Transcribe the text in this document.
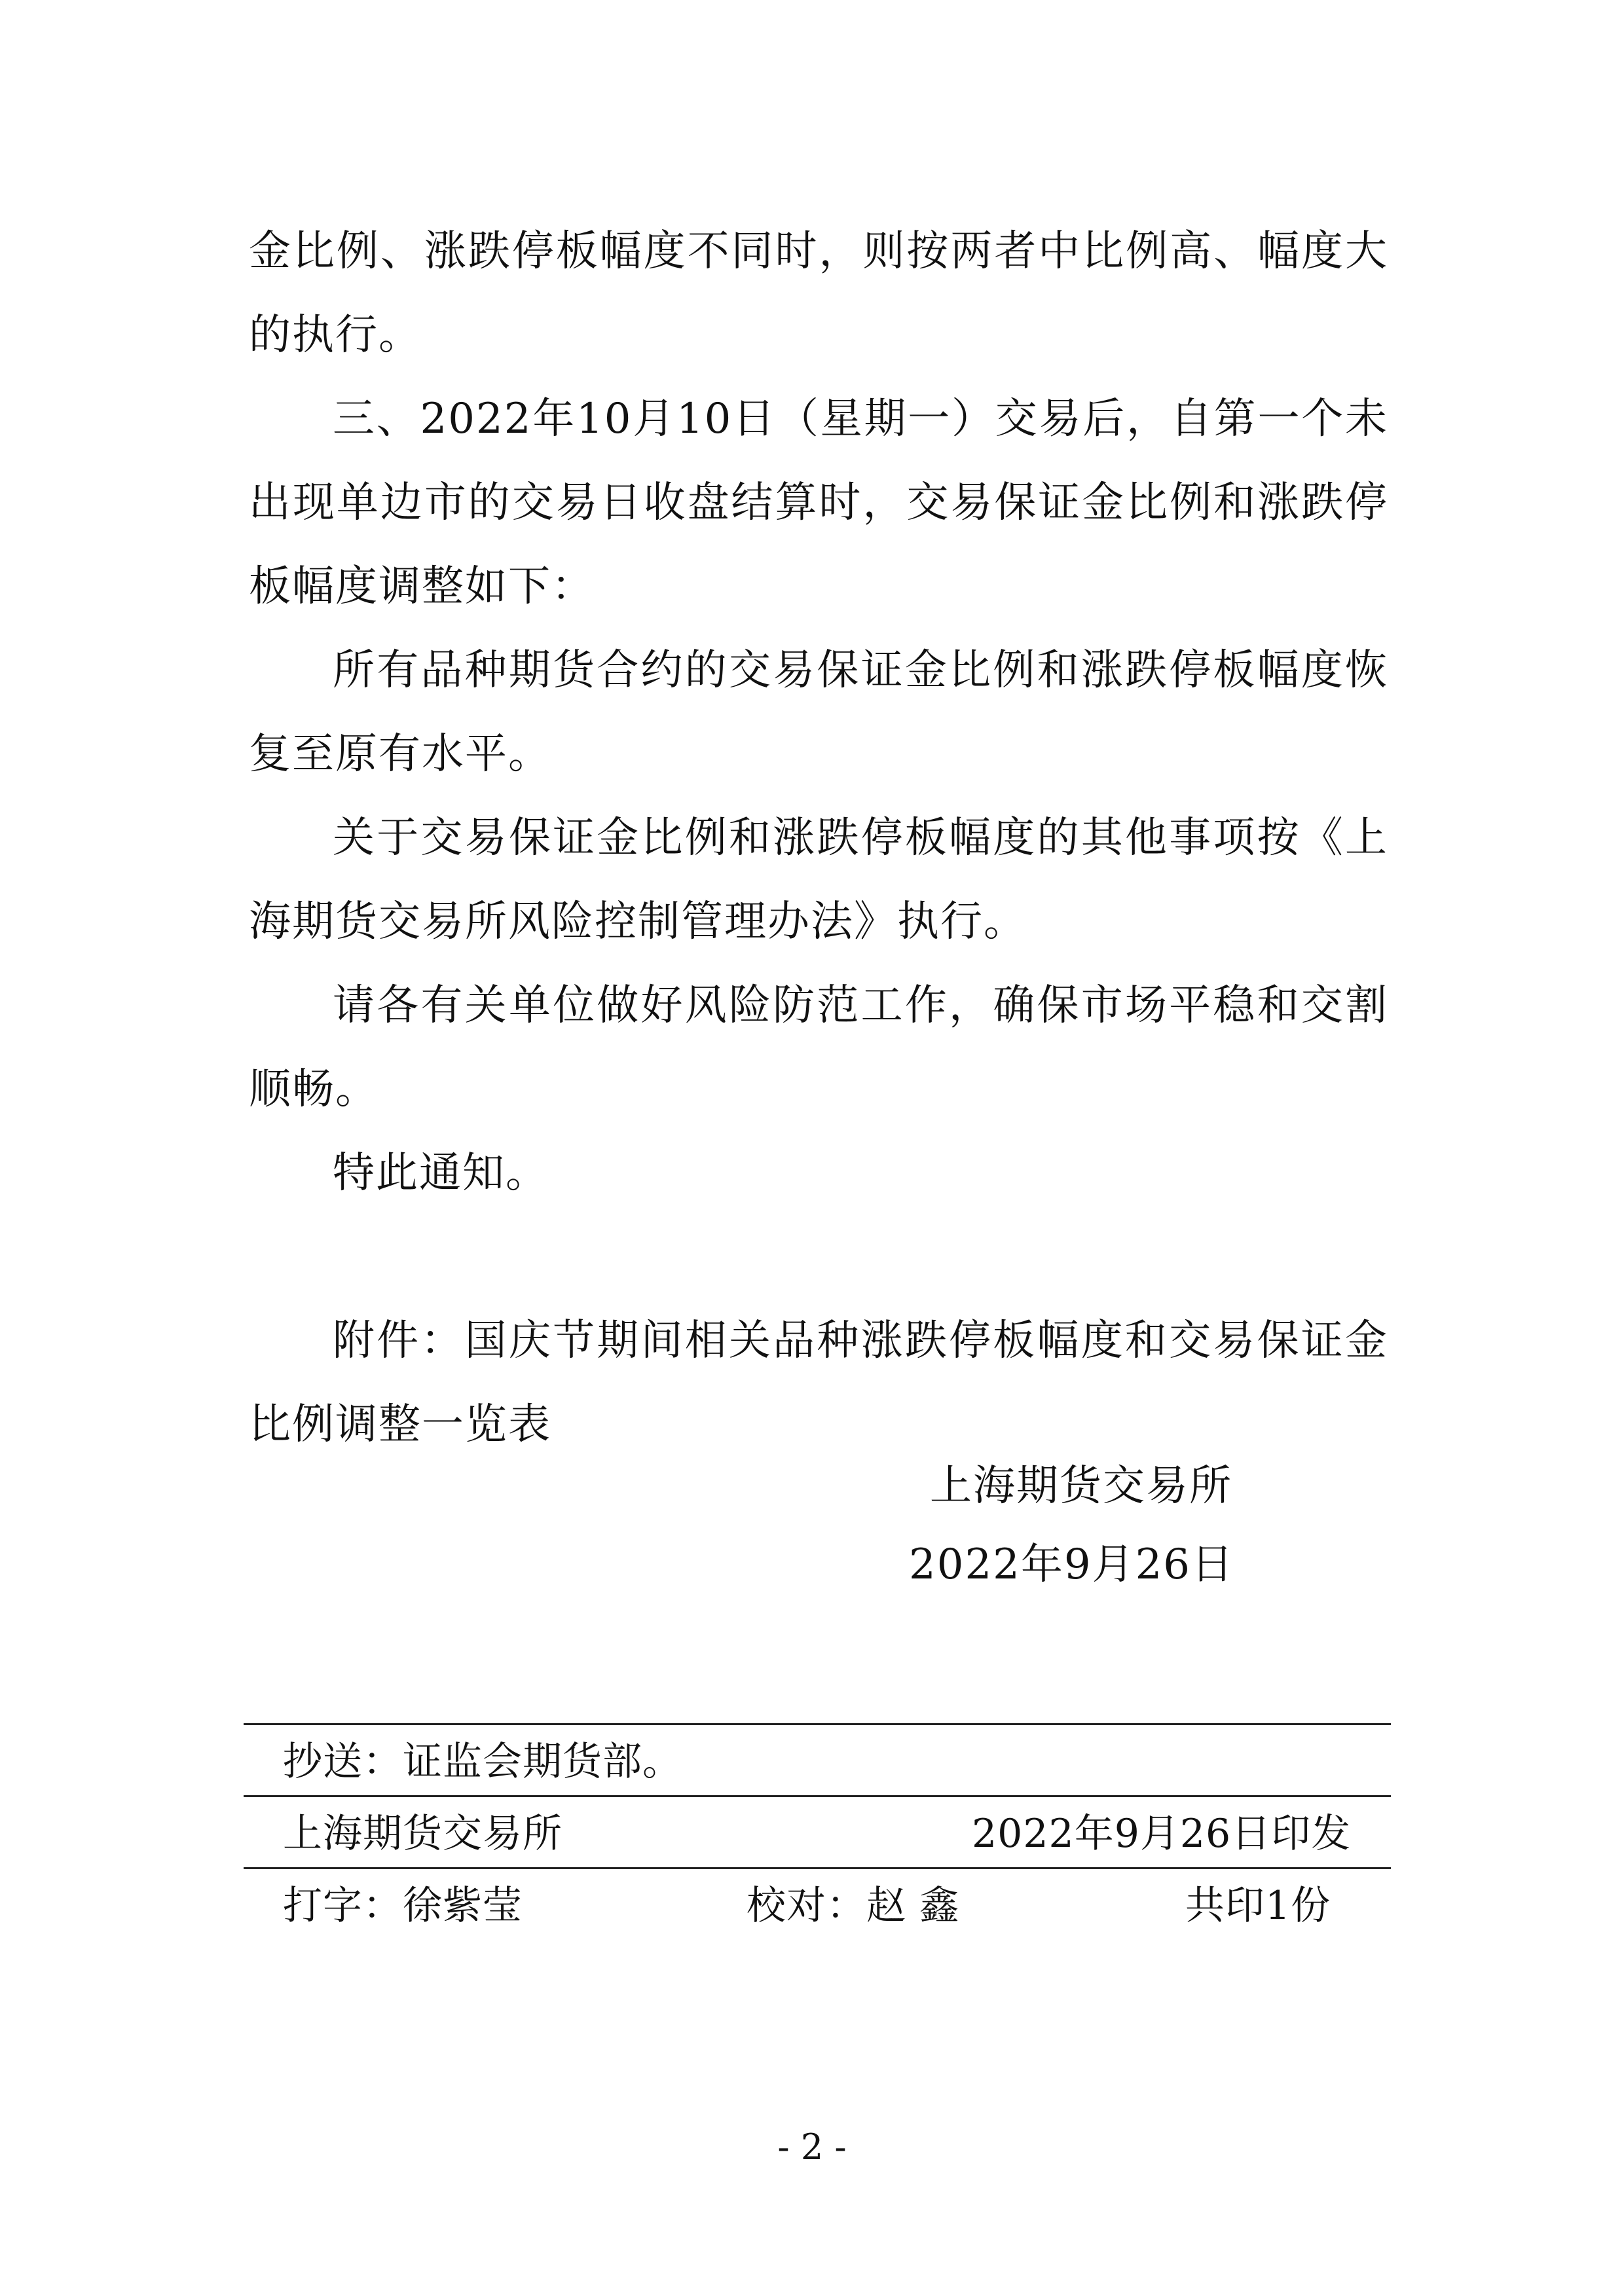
金比例、涨跌停板幅度不同时，则按两者中比例高、幅度大的执行。

三、2022年10月10日（星期一）交易后，自第一个未出现单边市的交易日收盘结算时，交易保证金比例和涨跌停板幅度调整如下：

所有品种期货合约的交易保证金比例和涨跌停板幅度恢复至原有水平。

关于交易保证金比例和涨跌停板幅度的其他事项按《上海期货交易所风险控制管理办法》执行。

请各有关单位做好风险防范工作，确保市场平稳和交割顺畅。

特此通知。

附件：国庆节期间相关品种涨跌停板幅度和交易保证金比例调整一览表

上海期货交易所
2022年9月26日
抄送：证监会期货部。
上海期货交易所	2022年9月26日印发
打字：徐紫莹	校对：赵 鑫	共印1份
- 2 -
